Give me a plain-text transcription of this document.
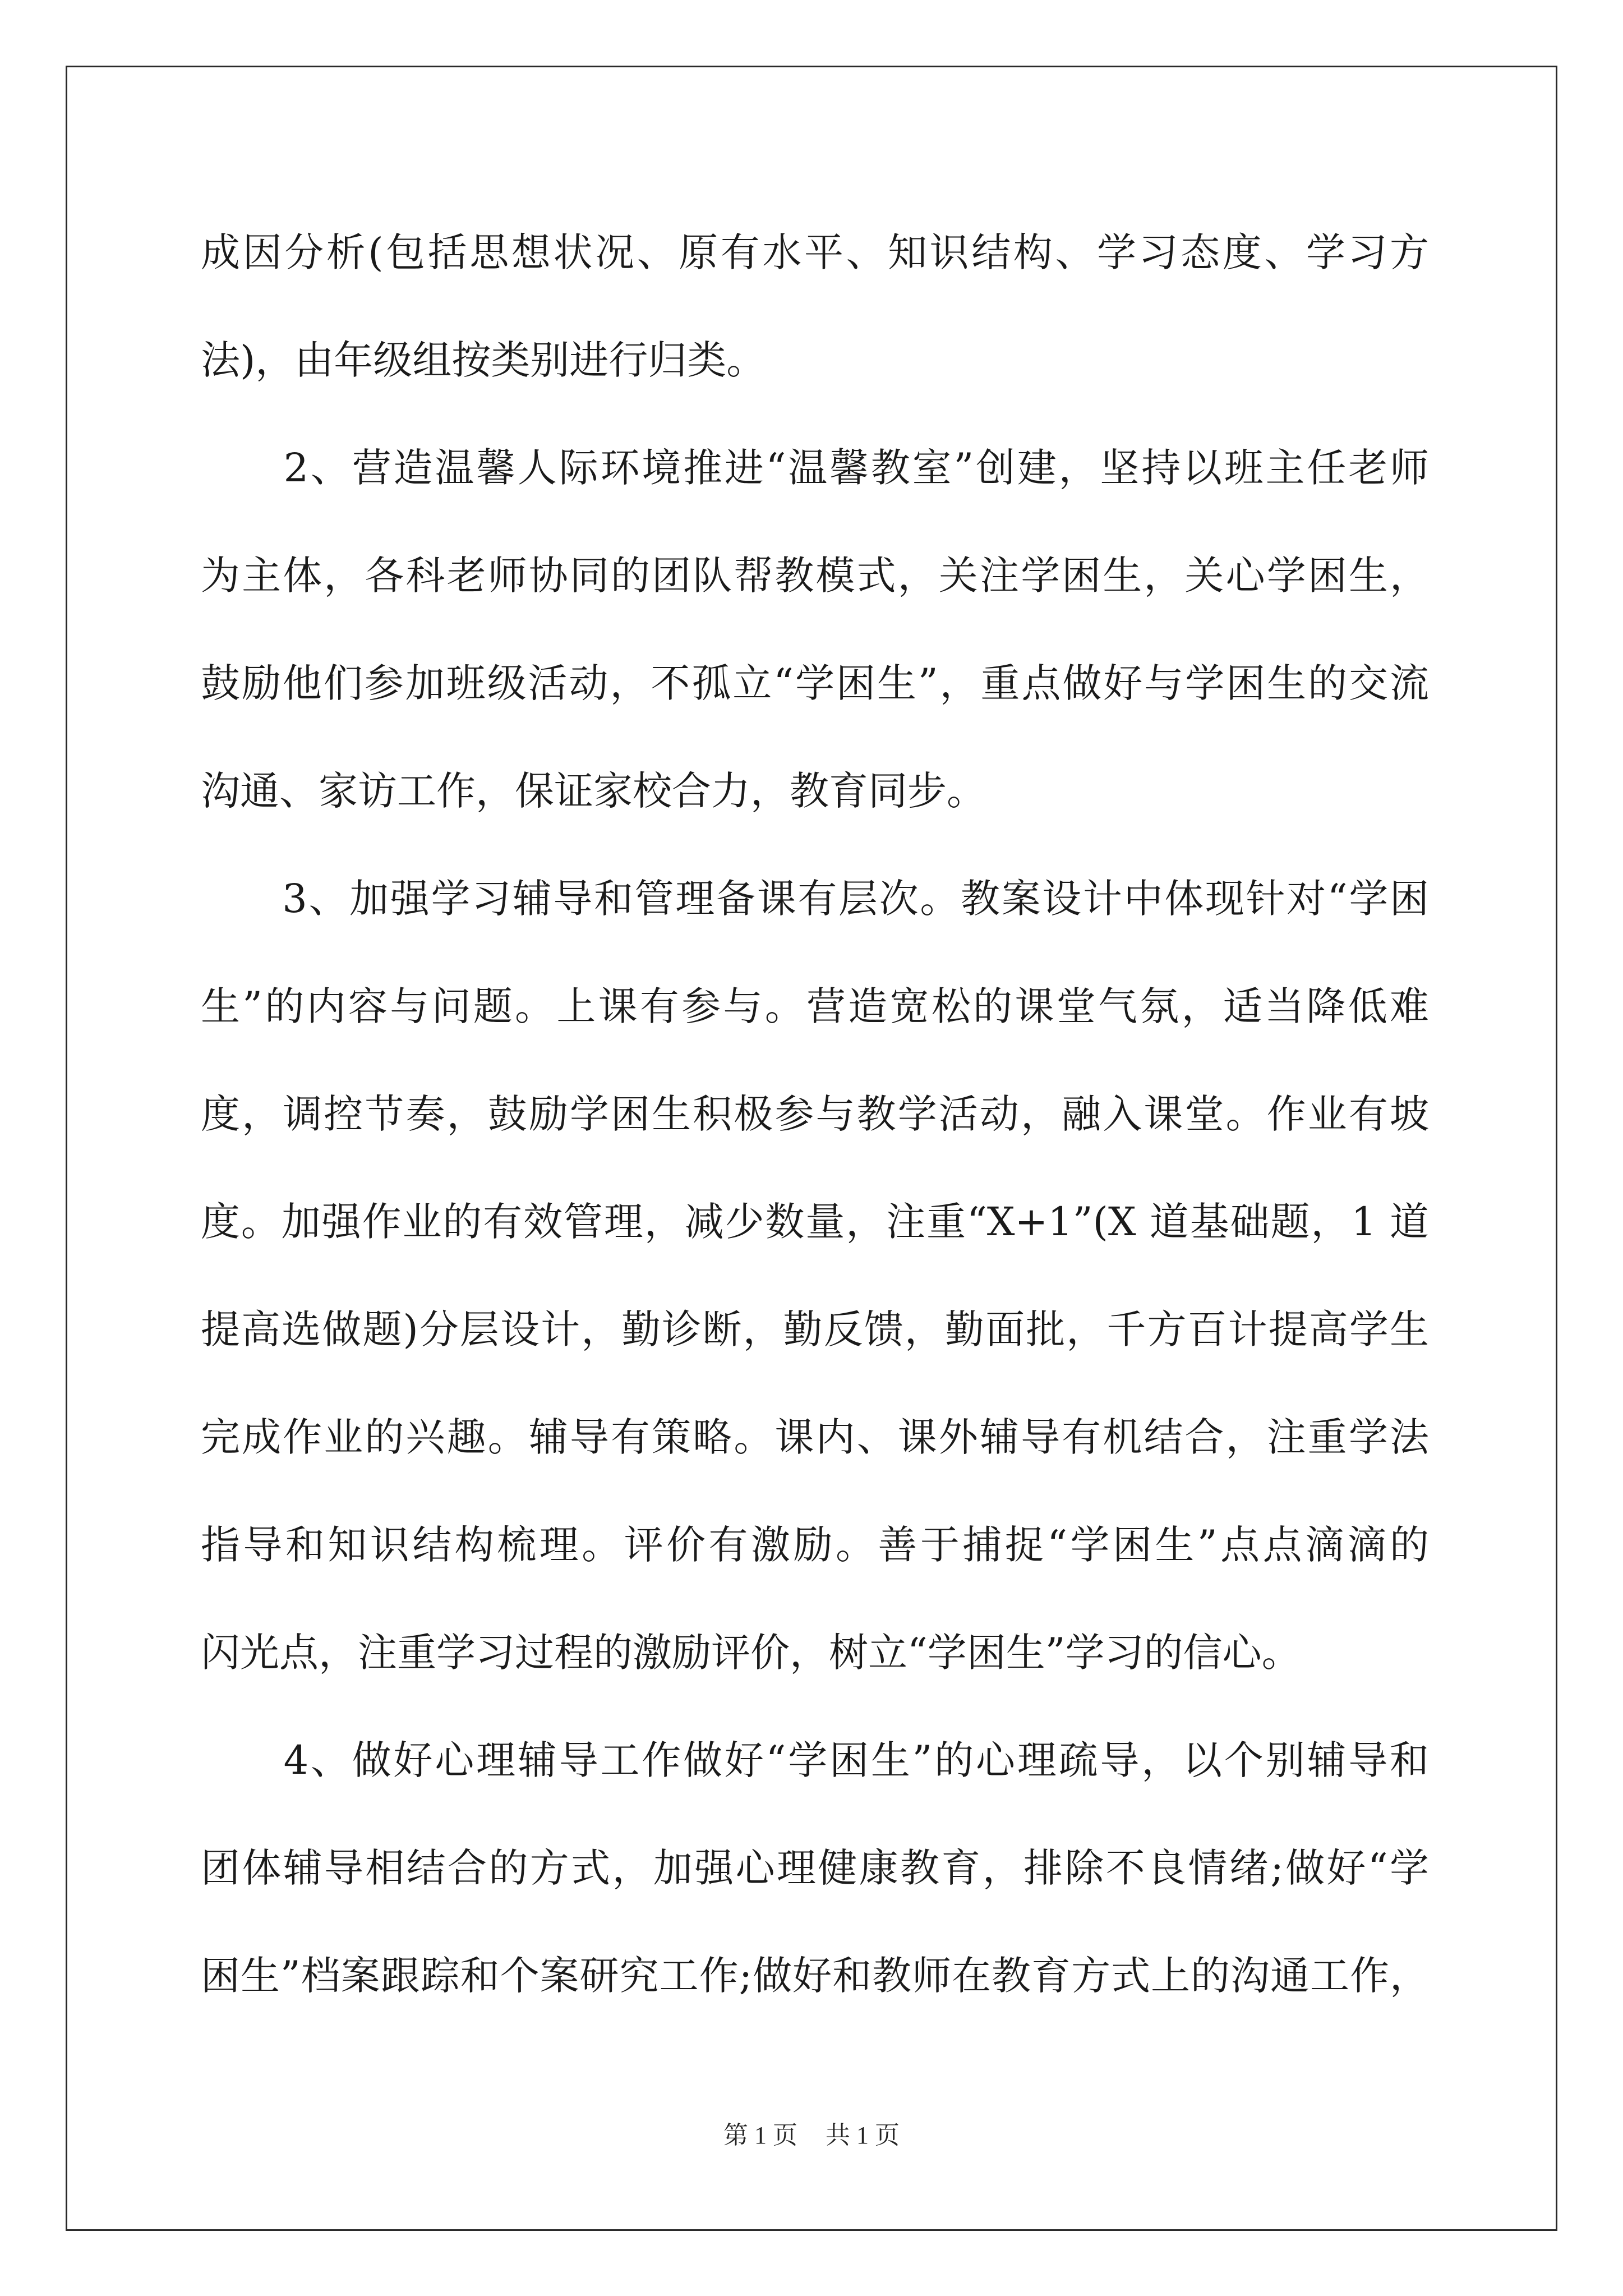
成因分析(包括思想状况、原有水平、知识结构、学习态度、学习方
法)，由年级组按类别进行归类。
　　2、营造温馨人际环境推进“温馨教室”创建，坚持以班主任老师
为主体，各科老师协同的团队帮教模式，关注学困生，关心学困生，
鼓励他们参加班级活动，不孤立“学困生”，重点做好与学困生的交流
沟通、家访工作，保证家校合力，教育同步。
　　3、加强学习辅导和管理备课有层次。教案设计中体现针对“学困
生”的内容与问题。上课有参与。营造宽松的课堂气氛，适当降低难
度，调控节奏，鼓励学困生积极参与教学活动，融入课堂。作业有坡
度。加强作业的有效管理，减少数量，注重“X+1”(X 道基础题，1 道
提高选做题)分层设计，勤诊断，勤反馈，勤面批，千方百计提高学生
完成作业的兴趣。辅导有策略。课内、课外辅导有机结合，注重学法
指导和知识结构梳理。评价有激励。善于捕捉“学困生”点点滴滴的
闪光点，注重学习过程的激励评价，树立“学困生”学习的信心。
　　4、做好心理辅导工作做好“学困生”的心理疏导，以个别辅导和
团体辅导相结合的方式，加强心理健康教育，排除不良情绪;做好“学
困生”档案跟踪和个案研究工作;做好和教师在教育方式上的沟通工作，
第 1 页 共 1 页
